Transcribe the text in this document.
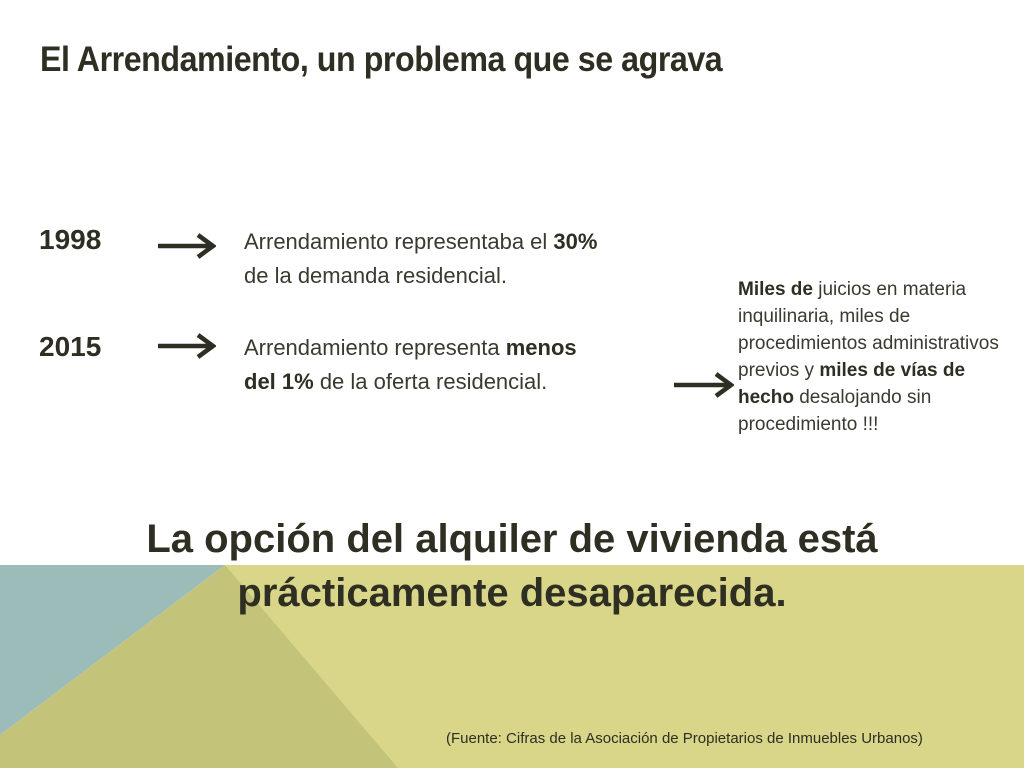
El Arrendamiento, un problema que se agrava
1998	Arrendamiento representaba el 30%
de la demanda residencial.
2015	Arrendamiento representa menos
del 1% de la oferta residencial.
Miles de juicios en materia inquilinaria, miles de procedimientos administrativos previos y miles de vías de hecho desalojando sin procedimiento !!!
La opción del alquiler de vivienda está
prácticamente desaparecida.
(Fuente: Cifras de la Asociación de Propietarios de Inmuebles Urbanos)
